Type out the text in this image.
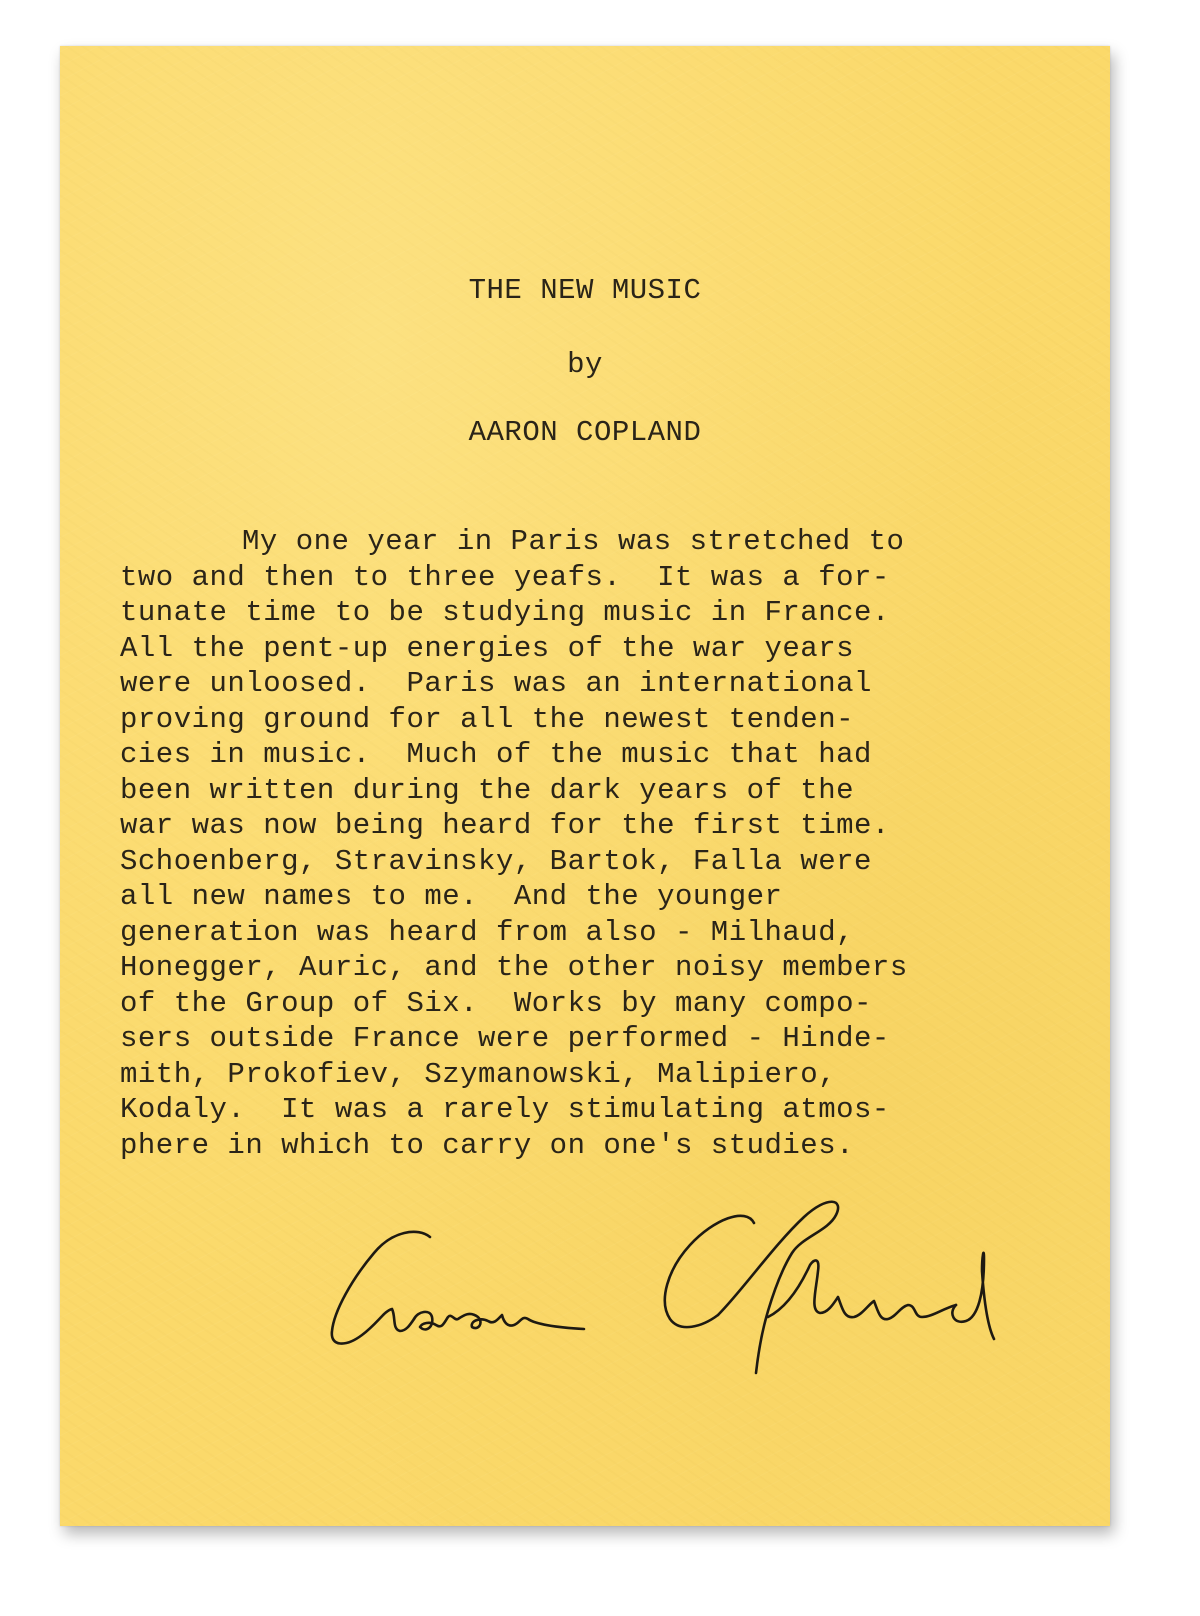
THE NEW MUSIC
by
AARON COPLAND

My one year in Paris was stretched to
two and then to three yeafs.  It was a for-
tunate time to be studying music in France.
All the pent-up energies of the war years
were unloosed.  Paris was an international
proving ground for all the newest tenden-
cies in music.  Much of the music that had
been written during the dark years of the
war was now being heard for the first time.
Schoenberg, Stravinsky, Bartok, Falla were
all new names to me.  And the younger
generation was heard from also - Milhaud,
Honegger, Auric, and the other noisy members
of the Group of Six.  Works by many compo-
sers outside France were performed - Hinde-
mith, Prokofiev, Szymanowski, Malipiero,
Kodaly.  It was a rarely stimulating atmos-
phere in which to carry on one's studies.
